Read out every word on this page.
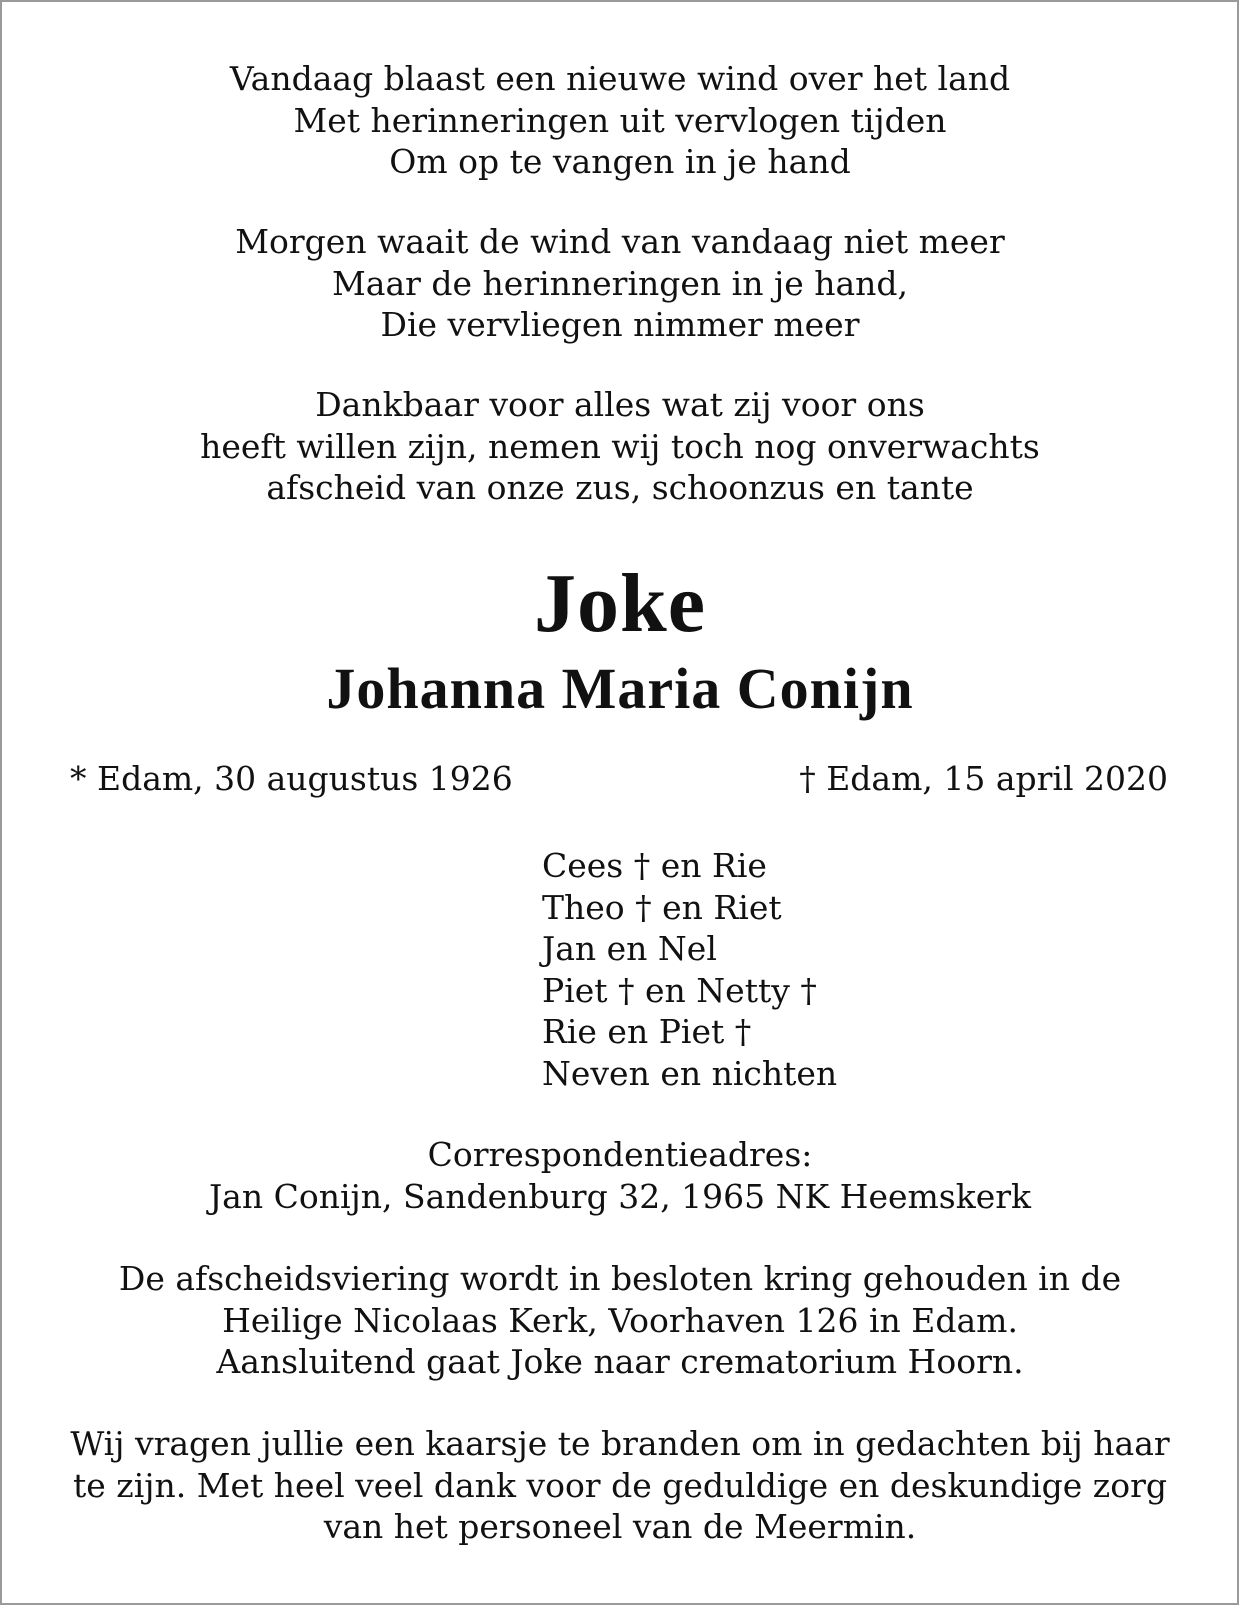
Vandaag blaast een nieuwe wind over het land
Met herinneringen uit vervlogen tijden
Om op te vangen in je hand
Morgen waait de wind van vandaag niet meer
Maar de herinneringen in je hand,
Die vervliegen nimmer meer
Dankbaar voor alles wat zij voor ons
heeft willen zijn, nemen wij toch nog onverwachts
afscheid van onze zus, schoonzus en tante
Joke
Johanna Maria Conijn
* Edam, 30 augustus 1926	† Edam, 15 april 2020
Cees † en Rie
Theo † en Riet
Jan en Nel
Piet † en Netty †
Rie en Piet †
Neven en nichten
Correspondentieadres:
Jan Conijn, Sandenburg 32, 1965 NK Heemskerk
De afscheidsviering wordt in besloten kring gehouden in de
Heilige Nicolaas Kerk, Voorhaven 126 in Edam.
Aansluitend gaat Joke naar crematorium Hoorn.
Wij vragen jullie een kaarsje te branden om in gedachten bij haar
te zijn. Met heel veel dank voor de geduldige en deskundige zorg
van het personeel van de Meermin.
